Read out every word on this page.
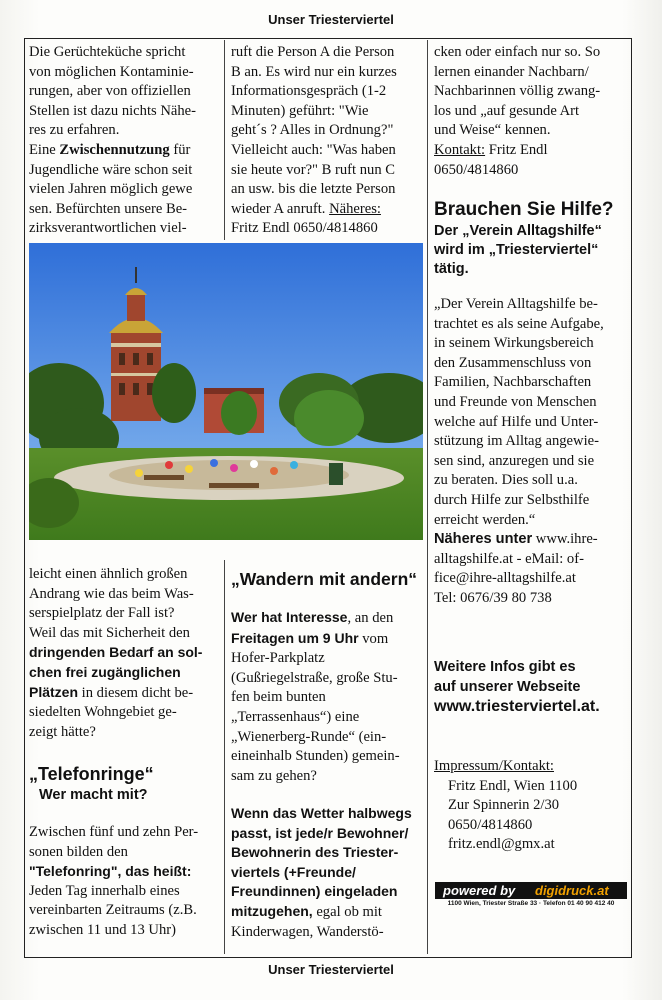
Unser Triesterviertel

Die Gerüchteküche spricht

von möglichen Kontaminie-

rungen, aber von offiziellen

Stellen ist dazu nichts Nähe-

res zu erfahren.

Eine Zwischennutzung für

Jugendliche wäre schon seit

vielen Jahren möglich gewe

sen. Befürchten unsere Be-

zirksverantwortlichen viel-

ruft die Person A die Person

B an. Es wird nur ein kurzes

Informationsgespräch (1-2

Minuten) geführt: "Wie

geht´s ? Alles in Ordnung?"

Vielleicht auch: "Was haben

sie heute vor?" B ruft nun C

an usw. bis die letzte Person

wieder A anruft. Näheres:

Fritz Endl 0650/4814860

cken oder einfach nur so. So

lernen einander Nachbarn/

Nachbarinnen völlig zwang-

los und „auf gesunde Art

und Weise“ kennen.

Kontakt: Fritz Endl

0650/4814860

Brauchen Sie Hilfe?

Der „Verein Alltagshilfe“

wird im „Triesterviertel“

tätig.

„Der Verein Alltagshilfe be-

trachtet es als seine Aufgabe,

in seinem Wirkungsbereich

den Zusammenschluss von

Familien, Nachbarschaften

und Freunde von Menschen

welche auf Hilfe und Unter-

stützung im Alltag angewie-

sen sind, anzuregen und sie

zu beraten. Dies soll u.a.

durch Hilfe zur Selbsthilfe

erreicht werden.“

Näheres unter www.ihre-

alltagshilfe.at - eMail: of-

fice@ihre-alltagshilfe.at

Tel: 0676/39 80 738

Weitere Infos gibt es

auf unserer Webseite

www.triesterviertel.at.

Impressum/Kontakt:

Fritz Endl, Wien 1100

Zur Spinnerin 2/30

0650/4814860

fritz.endl@gmx.at

powered by digidruck.at
1100 Wien, Triester Straße 33 · Telefon 01 40 90 412 40

leicht einen ähnlich großen

Andrang wie das beim Was-

serspielplatz der Fall ist?

Weil das mit Sicherheit den

dringenden Bedarf an sol-

chen frei zugänglichen

Plätzen in diesem dicht be-

siedelten Wohngebiet ge-

zeigt hätte?

„Telefonringe“

Wer macht mit?

Zwischen fünf und zehn Per-

sonen bilden den

"Telefonring", das heißt:

Jeden Tag innerhalb eines

vereinbarten Zeitraums (z.B.

zwischen 11 und 13 Uhr)

„Wandern mit andern“

Wer hat Interesse, an den

Freitagen um 9 Uhr vom

Hofer-Parkplatz

(Gußriegelstraße, große Stu-

fen beim bunten

„Terrassenhaus“) eine

„Wienerberg-Runde“ (ein-

eineinhalb Stunden) gemein-

sam zu gehen?

Wenn das Wetter halbwegs

passt, ist jede/r Bewohner/

Bewohnerin des Triester-

viertels (+Freunde/

Freundinnen) eingeladen

mitzugehen, egal ob mit

Kinderwagen, Wanderstö-

Unser Triesterviertel
